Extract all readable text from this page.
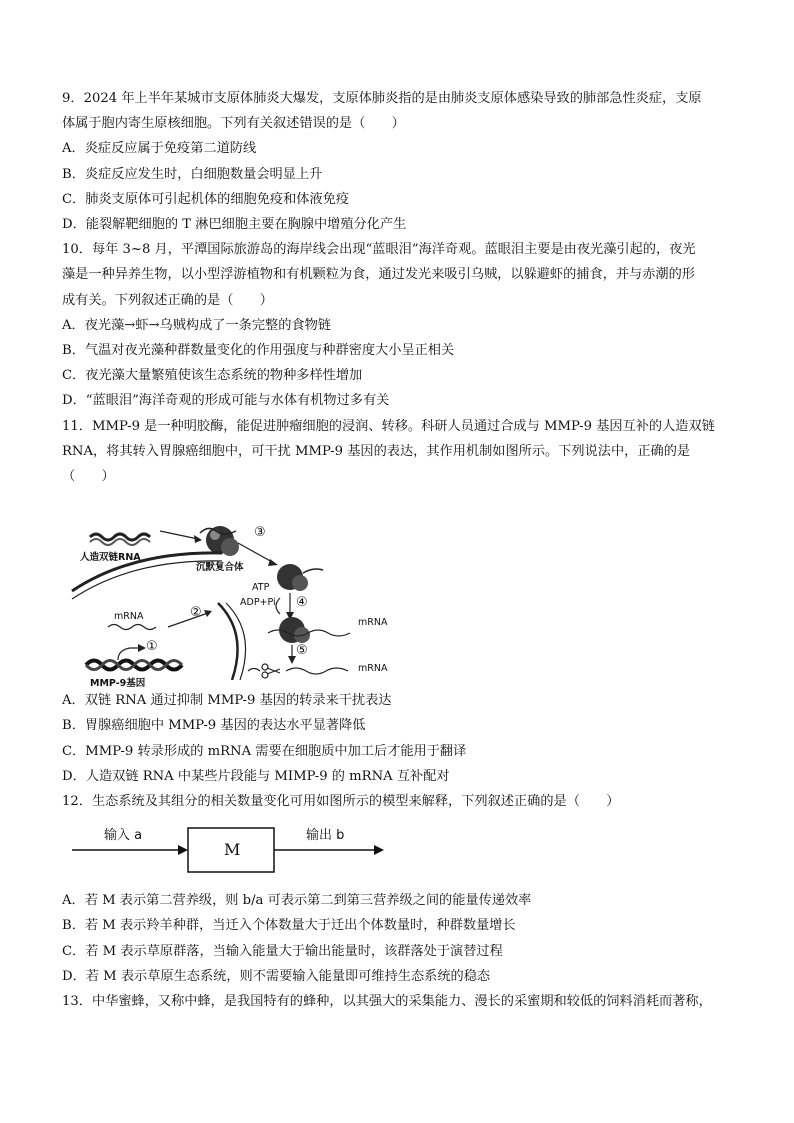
9．2024 年上半年某城市支原体肺炎大爆发，支原体肺炎指的是由肺炎支原体感染导致的肺部急性炎症，支原
体属于胞内寄生原核细胞。下列有关叙述错误的是（　　）
A．炎症反应属于免疫第二道防线
B．炎症反应发生时，白细胞数量会明显上升
C．肺炎支原体可引起机体的细胞免疫和体液免疫
D．能裂解靶细胞的 T 淋巴细胞主要在胸腺中增殖分化产生
10．每年 3~8 月，平潭国际旅游岛的海岸线会出现“蓝眼泪”海洋奇观。蓝眼泪主要是由夜光藻引起的，夜光
藻是一种异养生物，以小型浮游植物和有机颗粒为食，通过发光来吸引乌贼，以躲避虾的捕食，并与赤潮的形
成有关。下列叙述正确的是（　　）
A．夜光藻→虾→乌贼构成了一条完整的食物链
B．气温对夜光藻种群数量变化的作用强度与种群密度大小呈正相关
C．夜光藻大量繁殖使该生态系统的物种多样性增加
D．“蓝眼泪”海洋奇观的形成可能与水体有机物过多有关
11．MMP-9 是一种明胶酶，能促进肿瘤细胞的浸润、转移。科研人员通过合成与 MMP-9 基因互补的人造双链
RNA，将其转入胃腺癌细胞中，可干扰 MMP-9 基因的表达，其作用机制如图所示。下列说法中，正确的是
（　　）
人造双链RNA
沉默复合体
③
ATP
ADP+Pi ④
mRNA
⑤
mRNA
②
mRNA
①
MMP-9基因
A．双链 RNA 通过抑制 MMP-9 基因的转录来干扰表达
B．胃腺癌细胞中 MMP-9 基因的表达水平显著降低
C．MMP-9 转录形成的 mRNA 需要在细胞质中加工后才能用于翻译
D．人造双链 RNA 中某些片段能与 MIMP-9 的 mRNA 互补配对
12．生态系统及其组分的相关数量变化可用如图所示的模型来解释，下列叙述正确的是（　　）
输入 a
M
输出 b
A．若 M 表示第二营养级，则 b/a 可表示第二到第三营养级之间的能量传递效率
B．若 M 表示羚羊种群，当迁入个体数量大于迁出个体数量时，种群数量增长
C．若 M 表示草原群落，当输入能量大于输出能量时，该群落处于演替过程
D．若 M 表示草原生态系统，则不需要输入能量即可维持生态系统的稳态
13．中华蜜蜂，又称中蜂，是我国特有的蜂种，以其强大的采集能力、漫长的采蜜期和较低的饲料消耗而著称，
